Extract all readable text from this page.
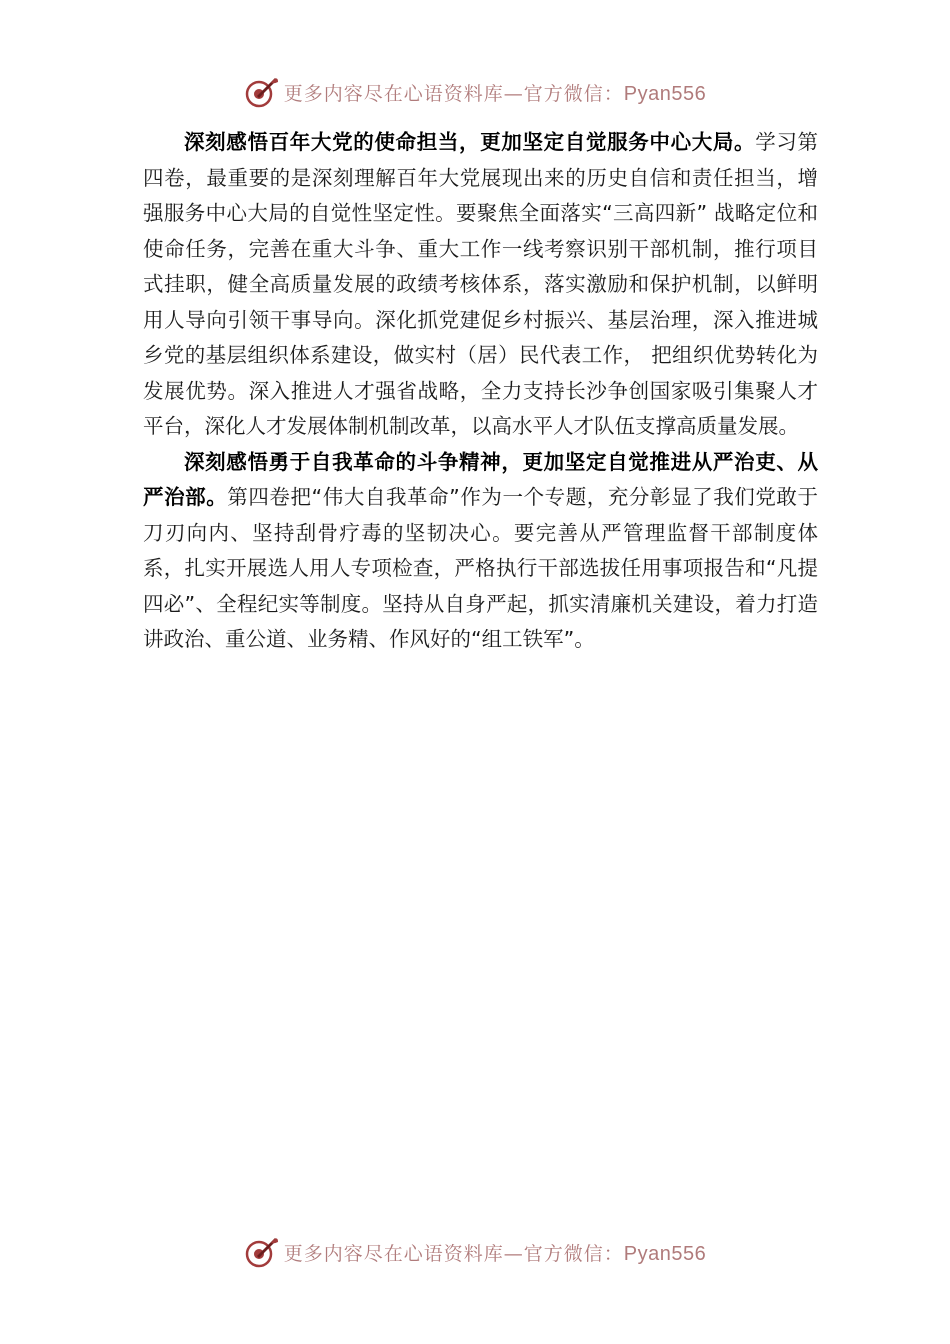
更多内容尽在心语资料库—官方微信：Pyan556

深刻感悟百年大党的使命担当，更加坚定自觉服务中心大局。学习第四卷，最重要的是深刻理解百年大党展现出来的历史自信和责任担当，增强服务中心大局的自觉性坚定性。要聚焦全面落实“三高四新” 战略定位和使命任务，完善在重大斗争、重大工作一线考察识别干部机制，推行项目式挂职，健全高质量发展的政绩考核体系，落实激励和保护机制，以鲜明用人导向引领干事导向。深化抓党建促乡村振兴、基层治理，深入推进城乡党的基层组织体系建设，做实村（居）民代表工作， 把组织优势转化为发展优势。深入推进人才强省战略，全力支持长沙争创国家吸引集聚人才平台，深化人才发展体制机制改革，以高水平人才队伍支撑高质量发展。

深刻感悟勇于自我革命的斗争精神，更加坚定自觉推进从严治吏、从严治部。第四卷把“伟大自我革命”作为一个专题，充分彰显了我们党敢于刀刃向内、坚持刮骨疗毒的坚韧决心。要完善从严管理监督干部制度体系，扎实开展选人用人专项检查，严格执行干部选拔任用事项报告和“凡提四必”、全程纪实等制度。坚持从自身严起，抓实清廉机关建设，着力打造讲政治、重公道、业务精、作风好的“组工铁军”。

更多内容尽在心语资料库—官方微信：Pyan556
